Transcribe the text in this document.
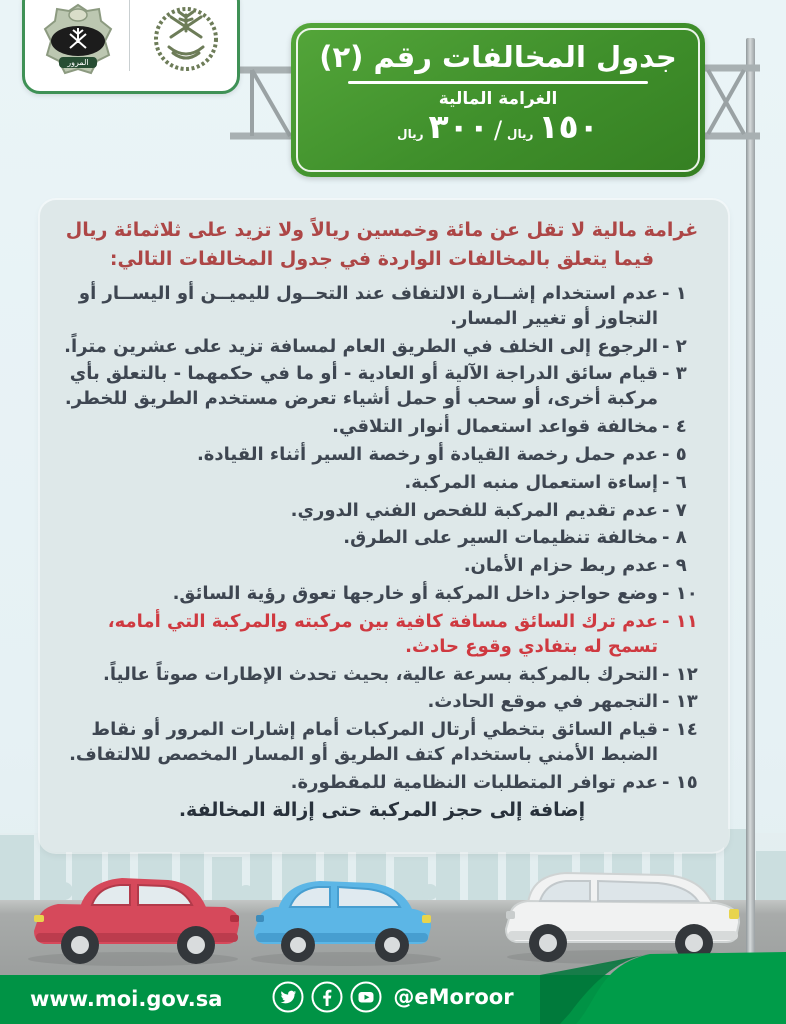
جدول المخالفات رقم (٢)
الغرامة المالية
١٥٠
ريال
/
٣٠٠
ريال
المرور
غرامة مالية لا تقل عن مائة وخمسين ريالاً ولا تزيد على ثلاثمائة ريال فيما يتعلق بالمخالفات الواردة في جدول المخالفات التالي:
١ -
عدم استخدام إشــارة الالتفاف عند التحــول لليميــن أو اليســار أو التجاوز أو تغيير المسار.
٢ -
الرجوع إلى الخلف في الطريق العام لمسافة تزيد على عشرين متراً.
٣ -
قيام سائق الدراجة الآلية أو العادية - أو ما في حكمهما - بالتعلق بأي مركبة أخرى، أو سحب أو حمل أشياء تعرض مستخدم الطريق للخطر.
٤ -
مخالفة قواعد استعمال أنوار التلاقي.
٥ -
عدم حمل رخصة القيادة أو رخصة السير أثناء القيادة.
٦ -
إساءة استعمال منبه المركبة.
٧ -
عدم تقديم المركبة للفحص الفني الدوري.
٨ -
مخالفة تنظيمات السير على الطرق.
٩ -
عدم ربط حزام الأمان.
١٠ -
وضع حواجز داخل المركبة أو خارجها تعوق رؤية السائق.
١١ -
عدم ترك السائق مسافة كافية بين مركبته والمركبة التي أمامه، تسمح له بتفادي وقوع حادث.
١٢ -
التحرك بالمركبة بسرعة عالية، بحيث تحدث الإطارات صوتاً عالياً.
١٣ -
التجمهر في موقع الحادث.
١٤ -
قيام السائق بتخطي أرتال المركبات أمام إشارات المرور أو نقاط الضبط الأمني باستخدام كتف الطريق أو المسار المخصص للالتفاف.
١٥ -
عدم توافر المتطلبات النظامية للمقطورة.
إضافة إلى حجز المركبة حتى إزالة المخالفة.
www.moi.gov.sa	@eMoroor
